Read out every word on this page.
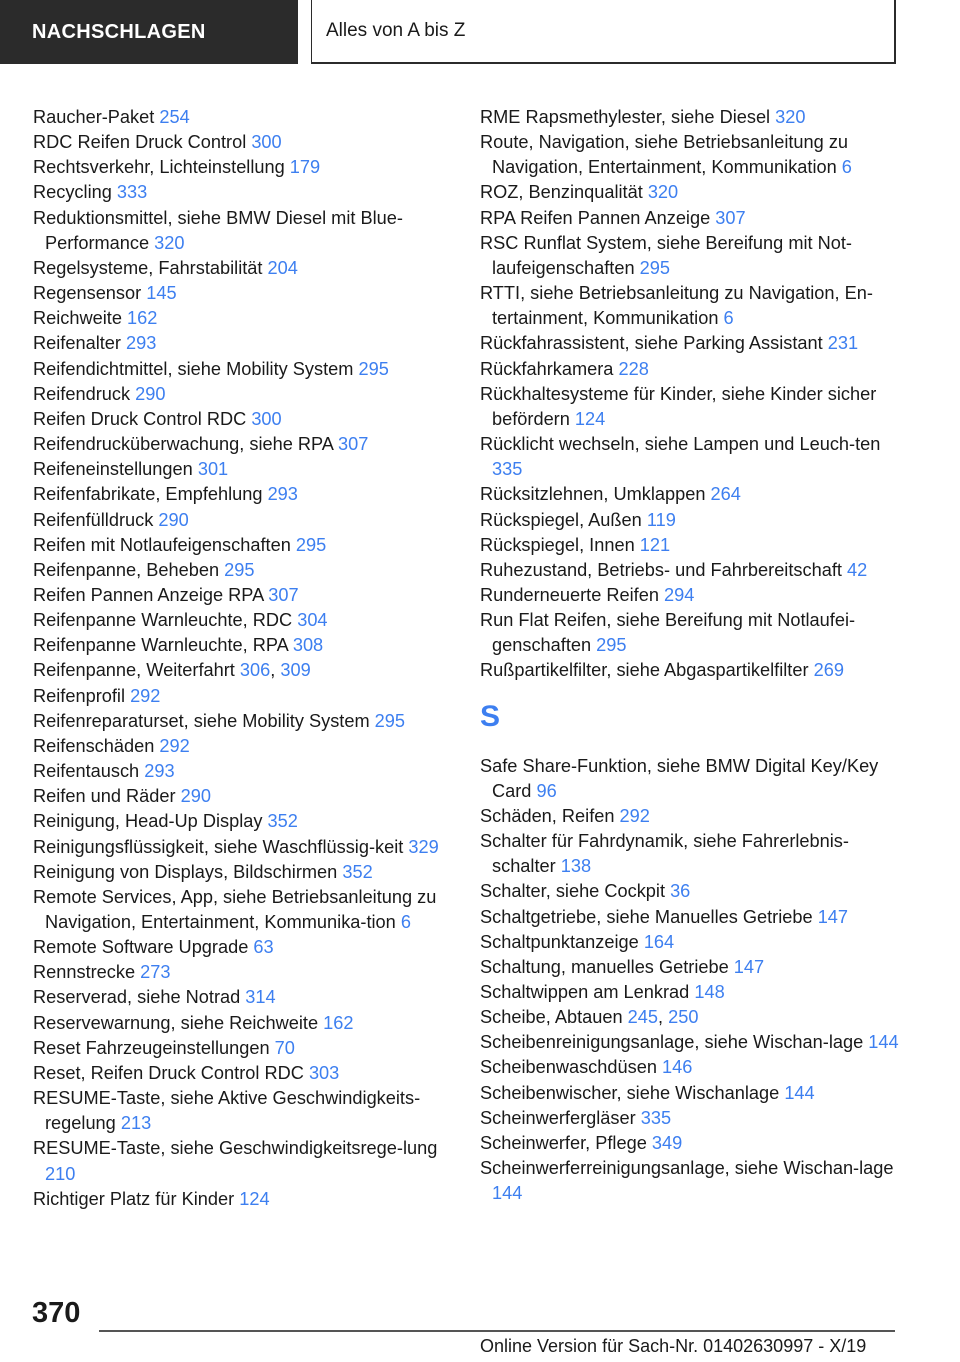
NACHSCHLAGEN	Alles von A bis Z
Raucher-Paket 254
RDC Reifen Druck Control 300
Rechtsverkehr, Lichteinstellung 179
Recycling 333
Reduktionsmittel, siehe BMW Diesel mit Blue-Performance 320
Regelsysteme, Fahrstabilität 204
Regensensor 145
Reichweite 162
Reifenalter 293
Reifendichtmittel, siehe Mobility System 295
Reifendruck 290
Reifen Druck Control RDC 300
Reifendrucküberwachung, siehe RPA 307
Reifeneinstellungen 301
Reifenfabrikate, Empfehlung 293
Reifenfülldruck 290
Reifen mit Notlaufeigenschaften 295
Reifenpanne, Beheben 295
Reifen Pannen Anzeige RPA 307
Reifenpanne Warnleuchte, RDC 304
Reifenpanne Warnleuchte, RPA 308
Reifenpanne, Weiterfahrt 306, 309
Reifenprofil 292
Reifenreparaturset, siehe Mobility System 295
Reifenschäden 292
Reifentausch 293
Reifen und Räder 290
Reinigung, Head-Up Display 352
Reinigungsflüssigkeit, siehe Waschflüssig-keit 329
Reinigung von Displays, Bildschirmen 352
Remote Services, App, siehe Betriebsanleitung zu Navigation, Entertainment, Kommunika-tion 6
Remote Software Upgrade 63
Rennstrecke 273
Reserverad, siehe Notrad 314
Reservewarnung, siehe Reichweite 162
Reset Fahrzeugeinstellungen 70
Reset, Reifen Druck Control RDC 303
RESUME-Taste, siehe Aktive Geschwindigkeits-regelung 213
RESUME-Taste, siehe Geschwindigkeitsrege-lung 210
Richtiger Platz für Kinder 124
RME Rapsmethylester, siehe Diesel 320
Route, Navigation, siehe Betriebsanleitung zu Navigation, Entertainment, Kommunikation 6
ROZ, Benzinqualität 320
RPA Reifen Pannen Anzeige 307
RSC Runflat System, siehe Bereifung mit Not-laufeigenschaften 295
RTTI, siehe Betriebsanleitung zu Navigation, En-tertainment, Kommunikation 6
Rückfahrassistent, siehe Parking Assistant 231
Rückfahrkamera 228
Rückhaltesysteme für Kinder, siehe Kinder sicher befördern 124
Rücklicht wechseln, siehe Lampen und Leuch-ten 335
Rücksitzlehnen, Umklappen 264
Rückspiegel, Außen 119
Rückspiegel, Innen 121
Ruhezustand, Betriebs- und Fahrbereitschaft 42
Runderneuerte Reifen 294
Run Flat Reifen, siehe Bereifung mit Notlaufei-genschaften 295
Rußpartikelfilter, siehe Abgaspartikelfilter 269
S
Safe Share-Funktion, siehe BMW Digital Key/Key Card 96
Schäden, Reifen 292
Schalter für Fahrdynamik, siehe Fahrerlebnis-schalter 138
Schalter, siehe Cockpit 36
Schaltgetriebe, siehe Manuelles Getriebe 147
Schaltpunktanzeige 164
Schaltung, manuelles Getriebe 147
Schaltwippen am Lenkrad 148
Scheibe, Abtauen 245, 250
Scheibenreinigungsanlage, siehe Wischan-lage 144
Scheibenwaschdüsen 146
Scheibenwischer, siehe Wischanlage 144
Scheinwerfergläser 335
Scheinwerfer, Pflege 349
Scheinwerferreinigungsanlage, siehe Wischan-lage 144
370
Online Version für Sach-Nr. 01402630997 - X/19
